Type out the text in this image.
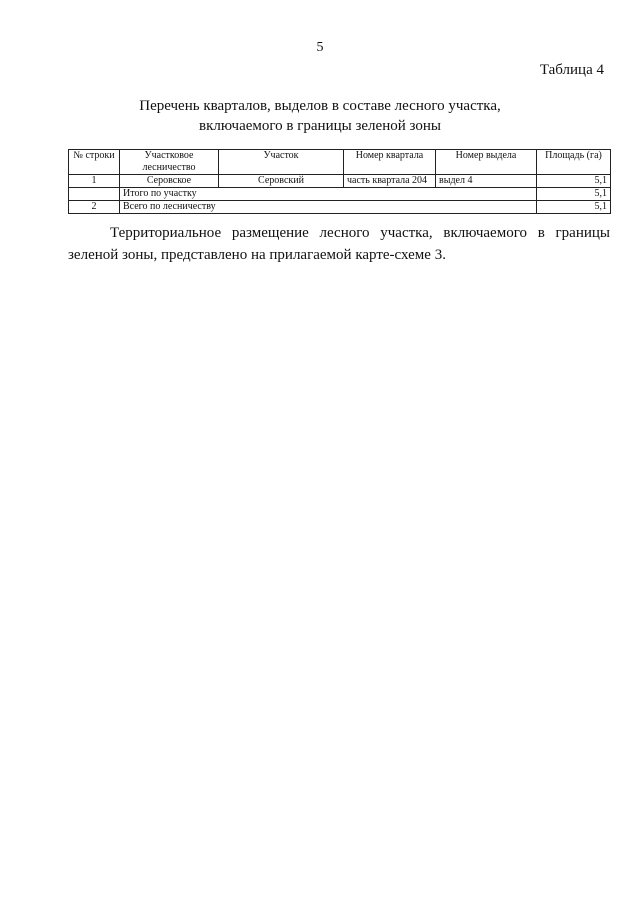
5
Таблица 4
Перечень кварталов, выделов в составе лесного участка,
включаемого в границы зеленой зоны
№ строки	Участковое лесничество	Участок	Номер квартала	Номер выдела	Площадь (га)
1	Серовское	Серовский	часть квартала 204	выдел 4	5,1
	Итого по участку				5,1
2	Всего по лесничеству				5,1
Территориальное размещение лесного участка, включаемого в границы зеленой зоны, представлено на прилагаемой карте-схеме 3.
